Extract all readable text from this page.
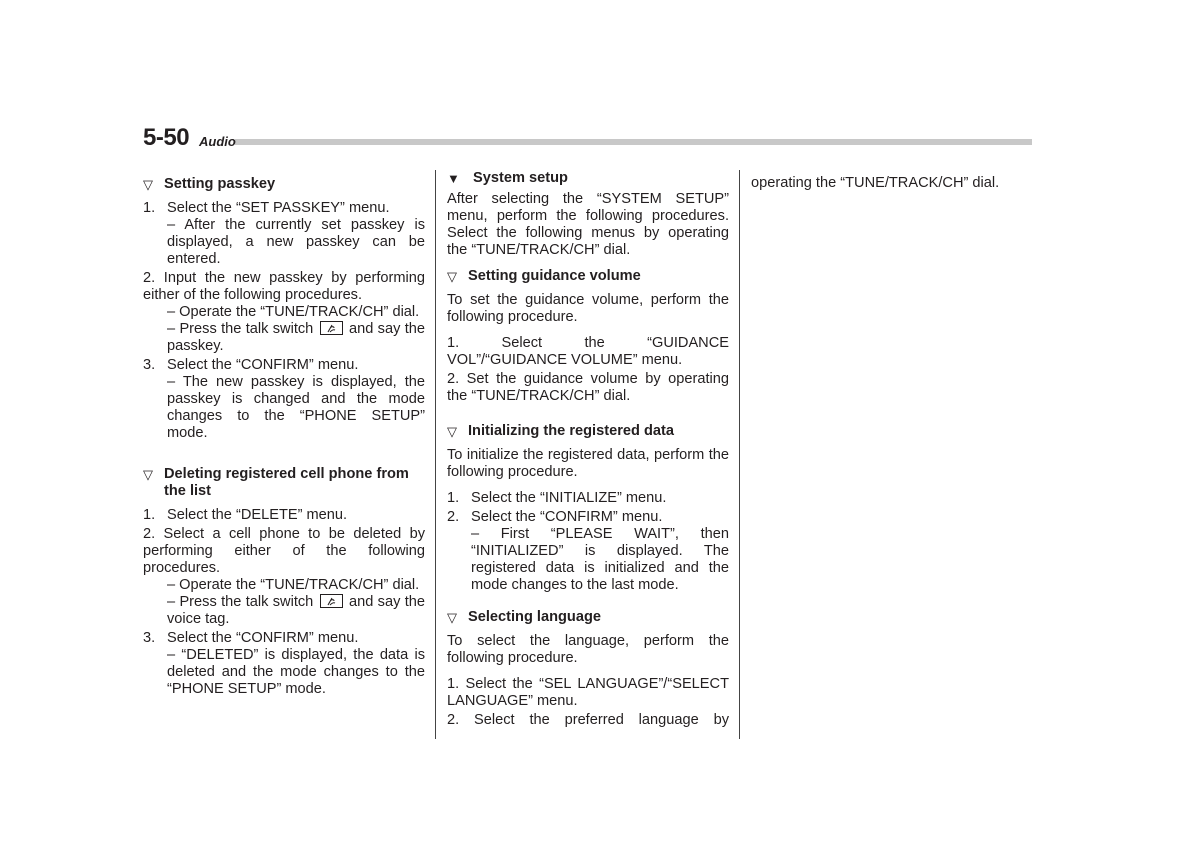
5-50 Audio

▽ Setting passkey

1. Select the “SET PASSKEY” menu.

– After the currently set passkey is displayed, a new passkey can be entered.

2. Input the new passkey by performing either of the following procedures.

– Operate the “TUNE/TRACK/CH” dial.

– Press the talk switch and say the passkey.

3. Select the “CONFIRM” menu.

– The new passkey is displayed, the passkey is changed and the mode changes to the “PHONE SETUP” mode.

▽ Deleting registered cell phone from the list

1. Select the “DELETE” menu.

2. Select a cell phone to be deleted by performing either of the following procedures.

– Operate the “TUNE/TRACK/CH” dial.

– Press the talk switch and say the voice tag.

3. Select the “CONFIRM” menu.

– “DELETED” is displayed, the data is deleted and the mode changes to the “PHONE SETUP” mode.

▼ System setup

After selecting the “SYSTEM SETUP” menu, perform the following procedures. Select the following menus by operating the “TUNE/TRACK/CH” dial.

▽ Setting guidance volume

To set the guidance volume, perform the following procedure.

1. Select the “GUIDANCE VOL”/“GUIDANCE VOLUME” menu.

2. Set the guidance volume by operating the “TUNE/TRACK/CH” dial.

▽ Initializing the registered data

To initialize the registered data, perform the following procedure.

1. Select the “INITIALIZE” menu.
2. Select the “CONFIRM” menu.

– First “PLEASE WAIT”, then “INITIALIZED” is displayed. The registered data is initialized and the mode changes to the last mode.

▽ Selecting language

To select the language, perform the following procedure.

1. Select the “SEL LANGUAGE”/“SELECT LANGUAGE” menu.

2. Select the preferred language by

operating the “TUNE/TRACK/CH” dial.
